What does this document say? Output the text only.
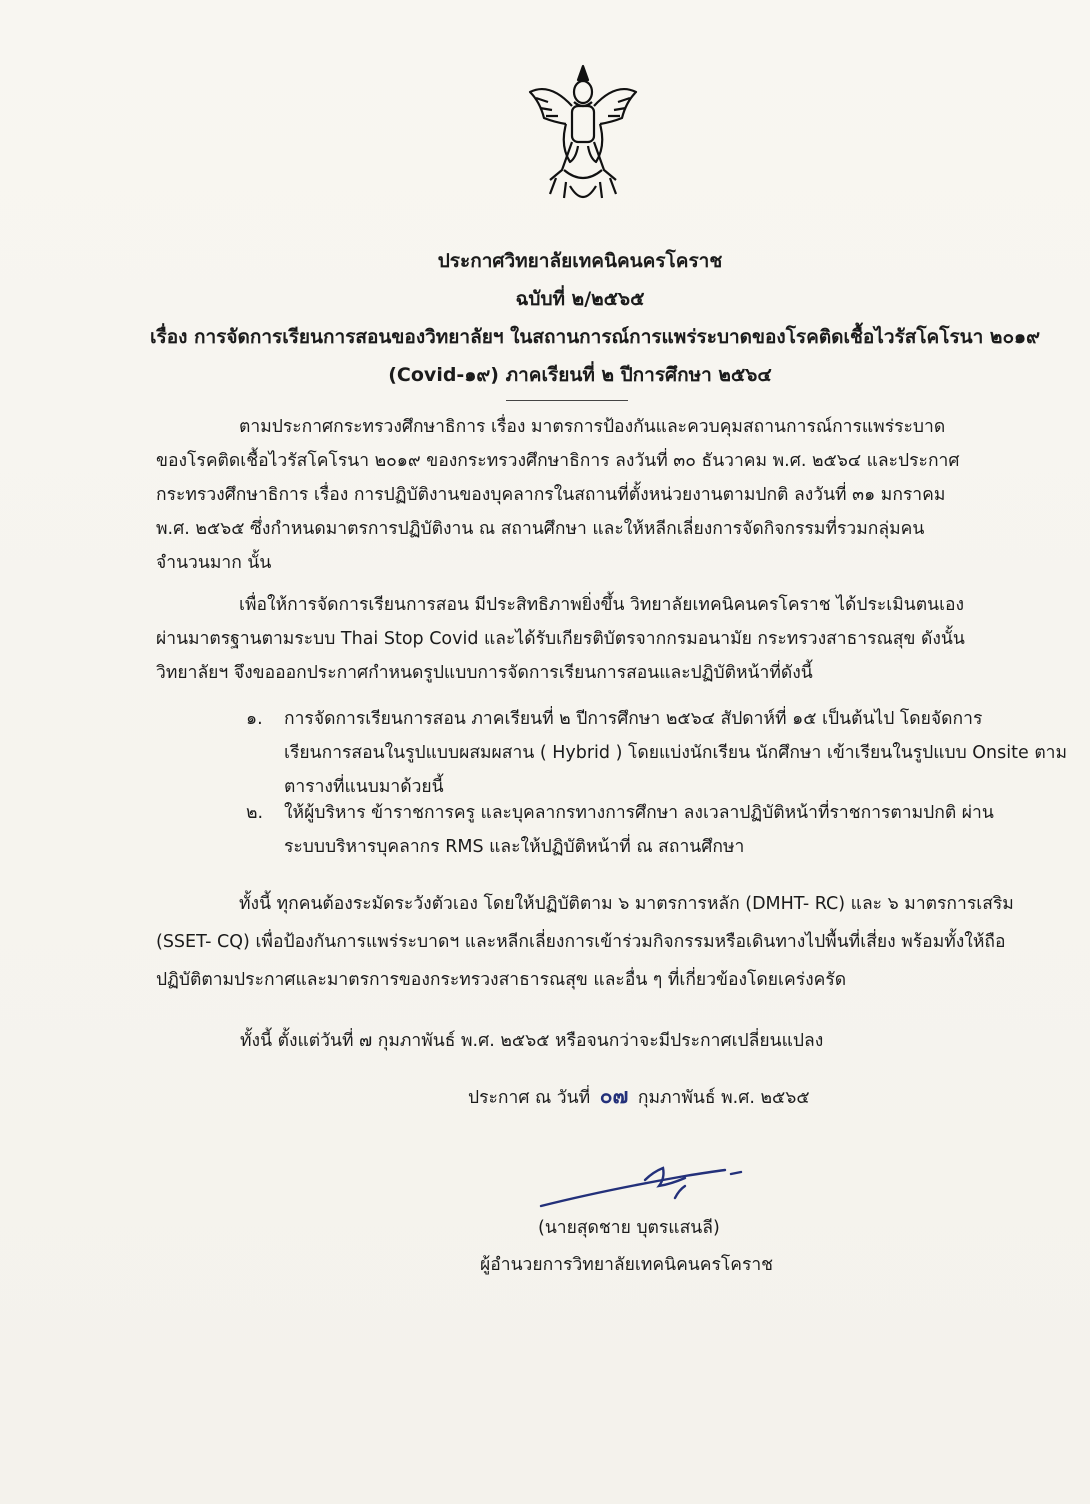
ประกาศวิทยาลัยเทคนิคนครโคราช
ฉบับที่ ๒/๒๕๖๕
เรื่อง การจัดการเรียนการสอนของวิทยาลัยฯ ในสถานการณ์การแพร่ระบาดของโรคติดเชื้อไวรัสโคโรนา ๒๐๑๙
(Covid-๑๙) ภาคเรียนที่ ๒ ปีการศึกษา ๒๕๖๔
ตามประกาศกระทรวงศึกษาธิการ เรื่อง มาตรการป้องกันและควบคุมสถานการณ์การแพร่ระบาด
ของโรคติดเชื้อไวรัสโคโรนา ๒๐๑๙ ของกระทรวงศึกษาธิการ ลงวันที่ ๓๐ ธันวาคม พ.ศ. ๒๕๖๔ และประกาศ
กระทรวงศึกษาธิการ เรื่อง การปฏิบัติงานของบุคลากรในสถานที่ตั้งหน่วยงานตามปกติ ลงวันที่ ๓๑ มกราคม
พ.ศ. ๒๕๖๕ ซึ่งกำหนดมาตรการปฏิบัติงาน ณ สถานศึกษา และให้หลีกเลี่ยงการจัดกิจกรรมที่รวมกลุ่มคน
จำนวนมาก นั้น
เพื่อให้การจัดการเรียนการสอน มีประสิทธิภาพยิ่งขึ้น วิทยาลัยเทคนิคนครโคราช ได้ประเมินตนเอง
ผ่านมาตรฐานตามระบบ Thai Stop Covid และได้รับเกียรติบัตรจากกรมอนามัย กระทรวงสาธารณสุข ดังนั้น
วิทยาลัยฯ จึงขอออกประกาศกำหนดรูปแบบการจัดการเรียนการสอนและปฏิบัติหน้าที่ดังนี้
๑.	การจัดการเรียนการสอน ภาคเรียนที่ ๒ ปีการศึกษา ๒๕๖๔ สัปดาห์ที่ ๑๕ เป็นต้นไป โดยจัดการ
เรียนการสอนในรูปแบบผสมผสาน ( Hybrid ) โดยแบ่งนักเรียน นักศึกษา เข้าเรียนในรูปแบบ Onsite ตาม
ตารางที่แนบมาด้วยนี้
๒.	ให้ผู้บริหาร ข้าราชการครู และบุคลากรทางการศึกษา ลงเวลาปฏิบัติหน้าที่ราชการตามปกติ ผ่าน
ระบบบริหารบุคลากร RMS และให้ปฏิบัติหน้าที่ ณ สถานศึกษา
ทั้งนี้ ทุกคนต้องระมัดระวังตัวเอง โดยให้ปฏิบัติตาม ๖ มาตรการหลัก (DMHT- RC) และ ๖ มาตรการเสริม
(SSET- CQ) เพื่อป้องกันการแพร่ระบาดฯ และหลีกเลี่ยงการเข้าร่วมกิจกรรมหรือเดินทางไปพื้นที่เสี่ยง พร้อมทั้งให้ถือ
ปฏิบัติตามประกาศและมาตรการของกระทรวงสาธารณสุข และอื่น ๆ ที่เกี่ยวข้องโดยเคร่งครัด
ทั้งนี้ ตั้งแต่วันที่ ๗ กุมภาพันธ์ พ.ศ. ๒๕๖๕ หรือจนกว่าจะมีประกาศเปลี่ยนแปลง
ประกาศ ณ วันที่ ๐๗ กุมภาพันธ์ พ.ศ. ๒๕๖๕
(นายสุดชาย บุตรแสนลี)
ผู้อำนวยการวิทยาลัยเทคนิคนครโคราช
